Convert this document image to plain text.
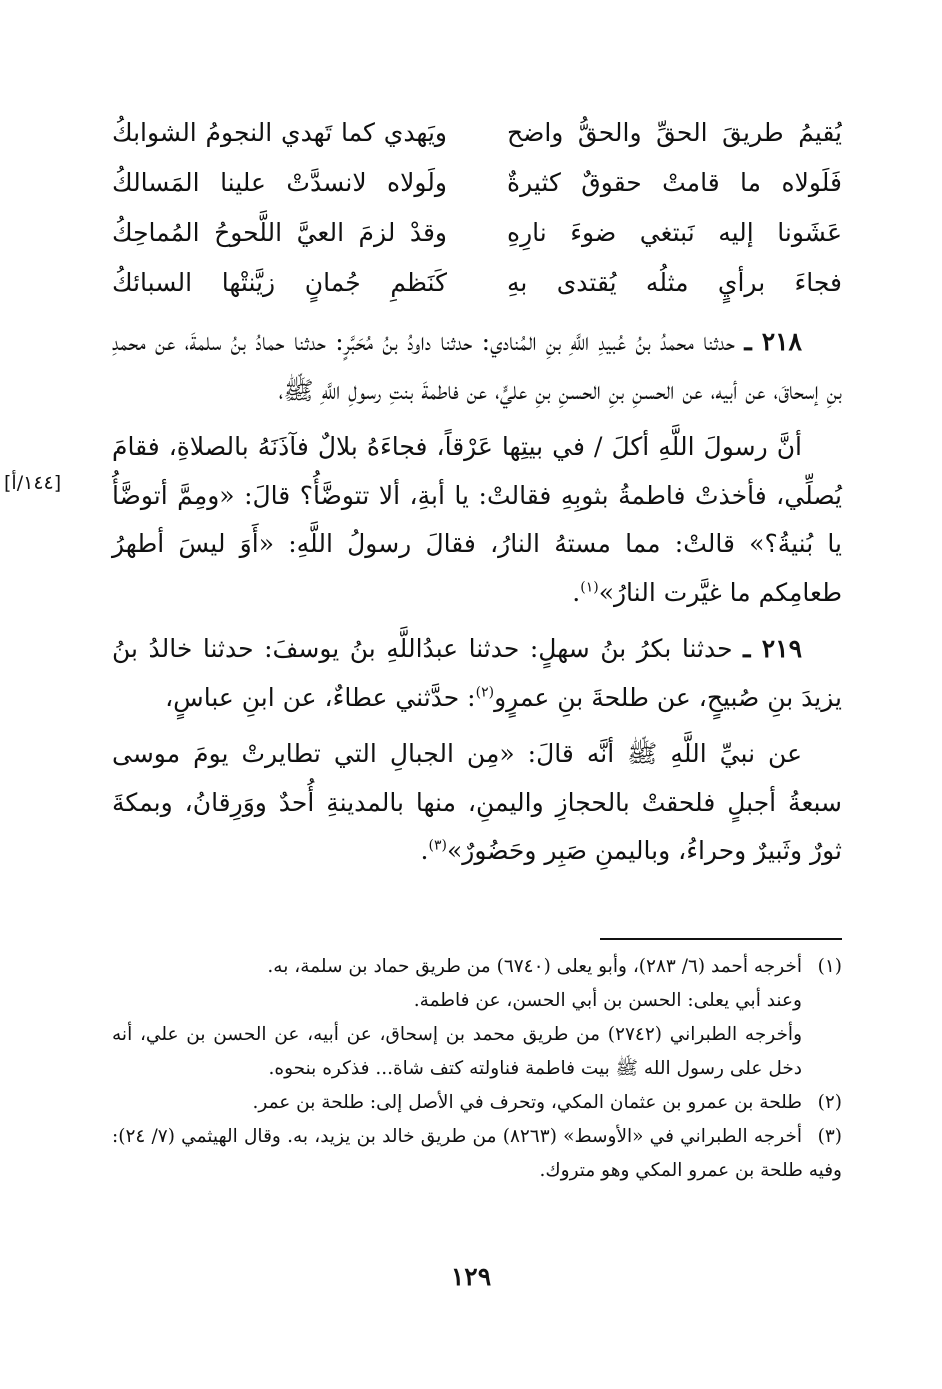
يُقيمُ طريقَ الحقِّ والحقُّ واضح
ويَهدي كما تَهدي النجومُ الشوابكُ
فَلَولاه ما قامتْ حقوقٌ كثيرةٌ
ولَولاه لانسدَّتْ علينا المَسالكُ
عَشَونا إليه نَبتغي ضوءَ نارِهِ
وقدْ لزمَ العيَّ اللَّحوحُ المُماحِكُ
فجاءَ برأيٍ مثلُه يُقتدى بهِ
كَنَظمِ جُمانٍ زيَّنتْها السبائكُ

٢١٨ ـ حدثنا محمدُ بنُ عُبيدِ اللَّهِ بنِ المُنادي: حدثنا داودُ بنُ مُحَبَّرٍ: حدثنا حمادُ بنُ سلمةَ، عن محمدِ بنِ إسحاقَ، عن أبيه، عن الحسنِ بنِ الحسنِ بنِ عليٍّ، عن فاطمةَ بنتِ رسولِ اللَّهِ ﷺ،

أنَّ رسولَ اللَّهِ أكلَ / في بيتِها عَرْقاً، فجاءَهُ بلالٌ فآذَنَهُ بالصلاةِ، فقامَ يُصلِّي، فأخذتْ فاطمةُ بثوبِهِ فقالتْ: يا أبةِ، ألا تتوضَّأُ؟ قالَ: «ومِمَّ أتوضَّأُ يا بُنيةُ؟» قالتْ: مما مستهُ النارُ، فقالَ رسولُ اللَّهِ: «أَوَ ليسَ أطهرُ طعامِكم ما غيَّرت النارُ»$^{(١)}$.

٢١٩ ـ حدثنا بكرُ بنُ سهلٍ: حدثنا عبدُاللَّهِ بنُ يوسفَ: حدثنا خالدُ بنُ يزيدَ بنِ صُبيحٍ، عن طلحةَ بنِ عمرٍو$^{(٢)}$: حدَّثني عطاءٌ، عن ابنِ عباسٍ،

عن نبيِّ اللَّهِ ﷺ أنَّه قالَ: «مِن الجبالِ التي تطايرتْ يومَ موسى سبعةُ أجبلٍ فلحقتْ بالحجازِ واليمنِ، منها بالمدينةِ أُحدٌ ووَرِقانُ، وبمكةَ ثورٌ وثَبيرٌ وحراءُ، وباليمنِ صَبِر وحَضُورٌ»$^{(٣)}$.

[١٤٤/أ]

(١)أخرجه أحمد (٦/ ٢٨٣)، وأبو يعلى (٦٧٤٠) من طريق حماد بن سلمة، به.

وعند أبي يعلى: الحسن بن أبي الحسن، عن فاطمة.

وأخرجه الطبراني (٢٧٤٢) من طريق محمد بن إسحاق، عن أبيه، عن الحسن بن علي، أنه دخل على رسول الله ﷺ بيت فاطمة فناولته كتف شاة... فذكره بنحوه.

(٢)طلحة بن عمرو بن عثمان المكي، وتحرف في الأصل إلى: طلحة بن عمر.

(٣)أخرجه الطبراني في «الأوسط» (٨٢٦٣) من طريق خالد بن يزيد، به. وقال الهيثمي (٧/ ٢٤): وفيه طلحة بن عمرو المكي وهو متروك.

١٢٩
